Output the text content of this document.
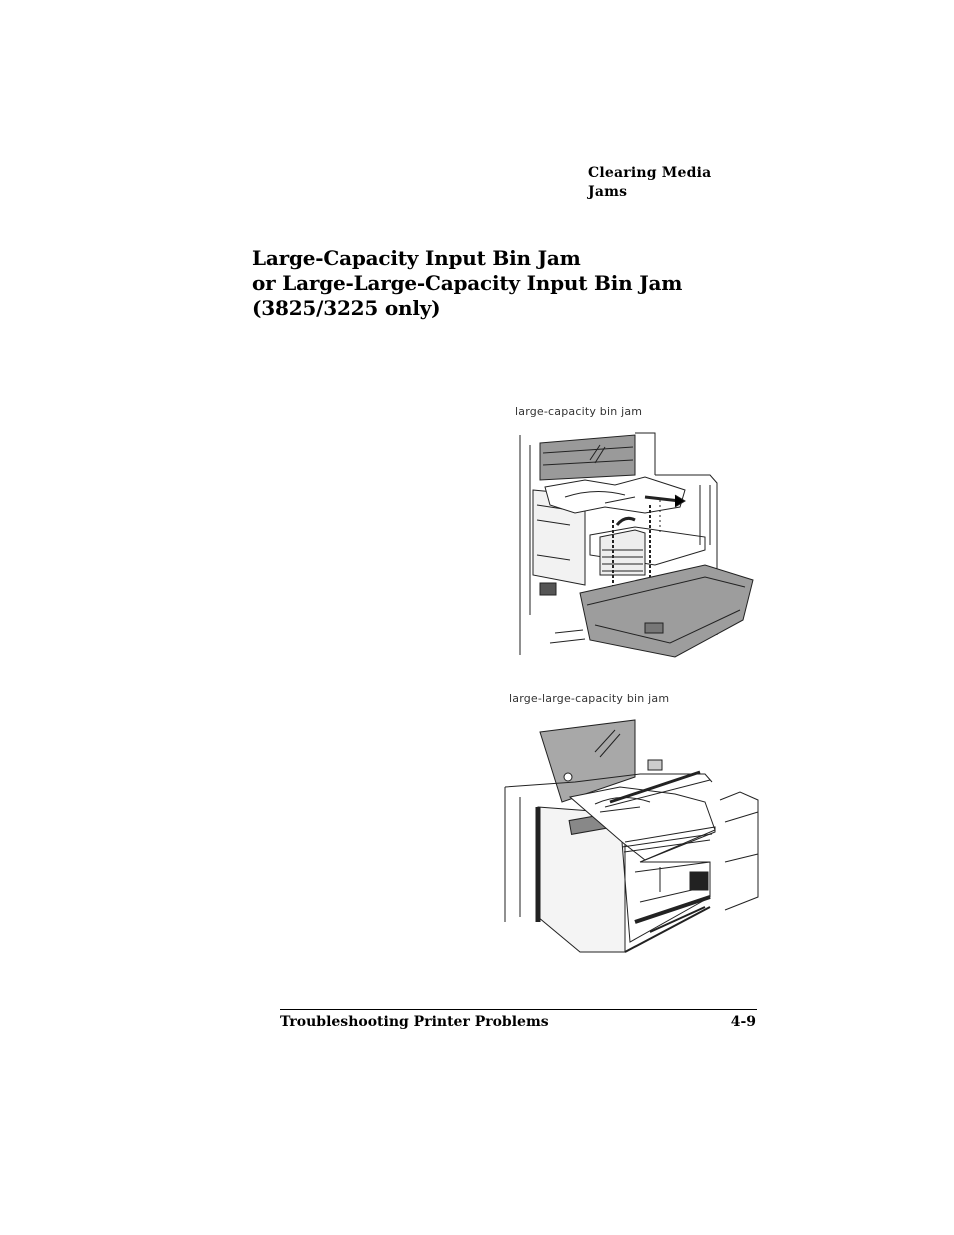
Clearing Media
Jams
Large-Capacity Input Bin Jam
or Large-Large-Capacity Input Bin Jam
(3825/3225 only)
large-capacity bin jam
large-large-capacity bin jam
Troubleshooting Printer Problems	4-9
